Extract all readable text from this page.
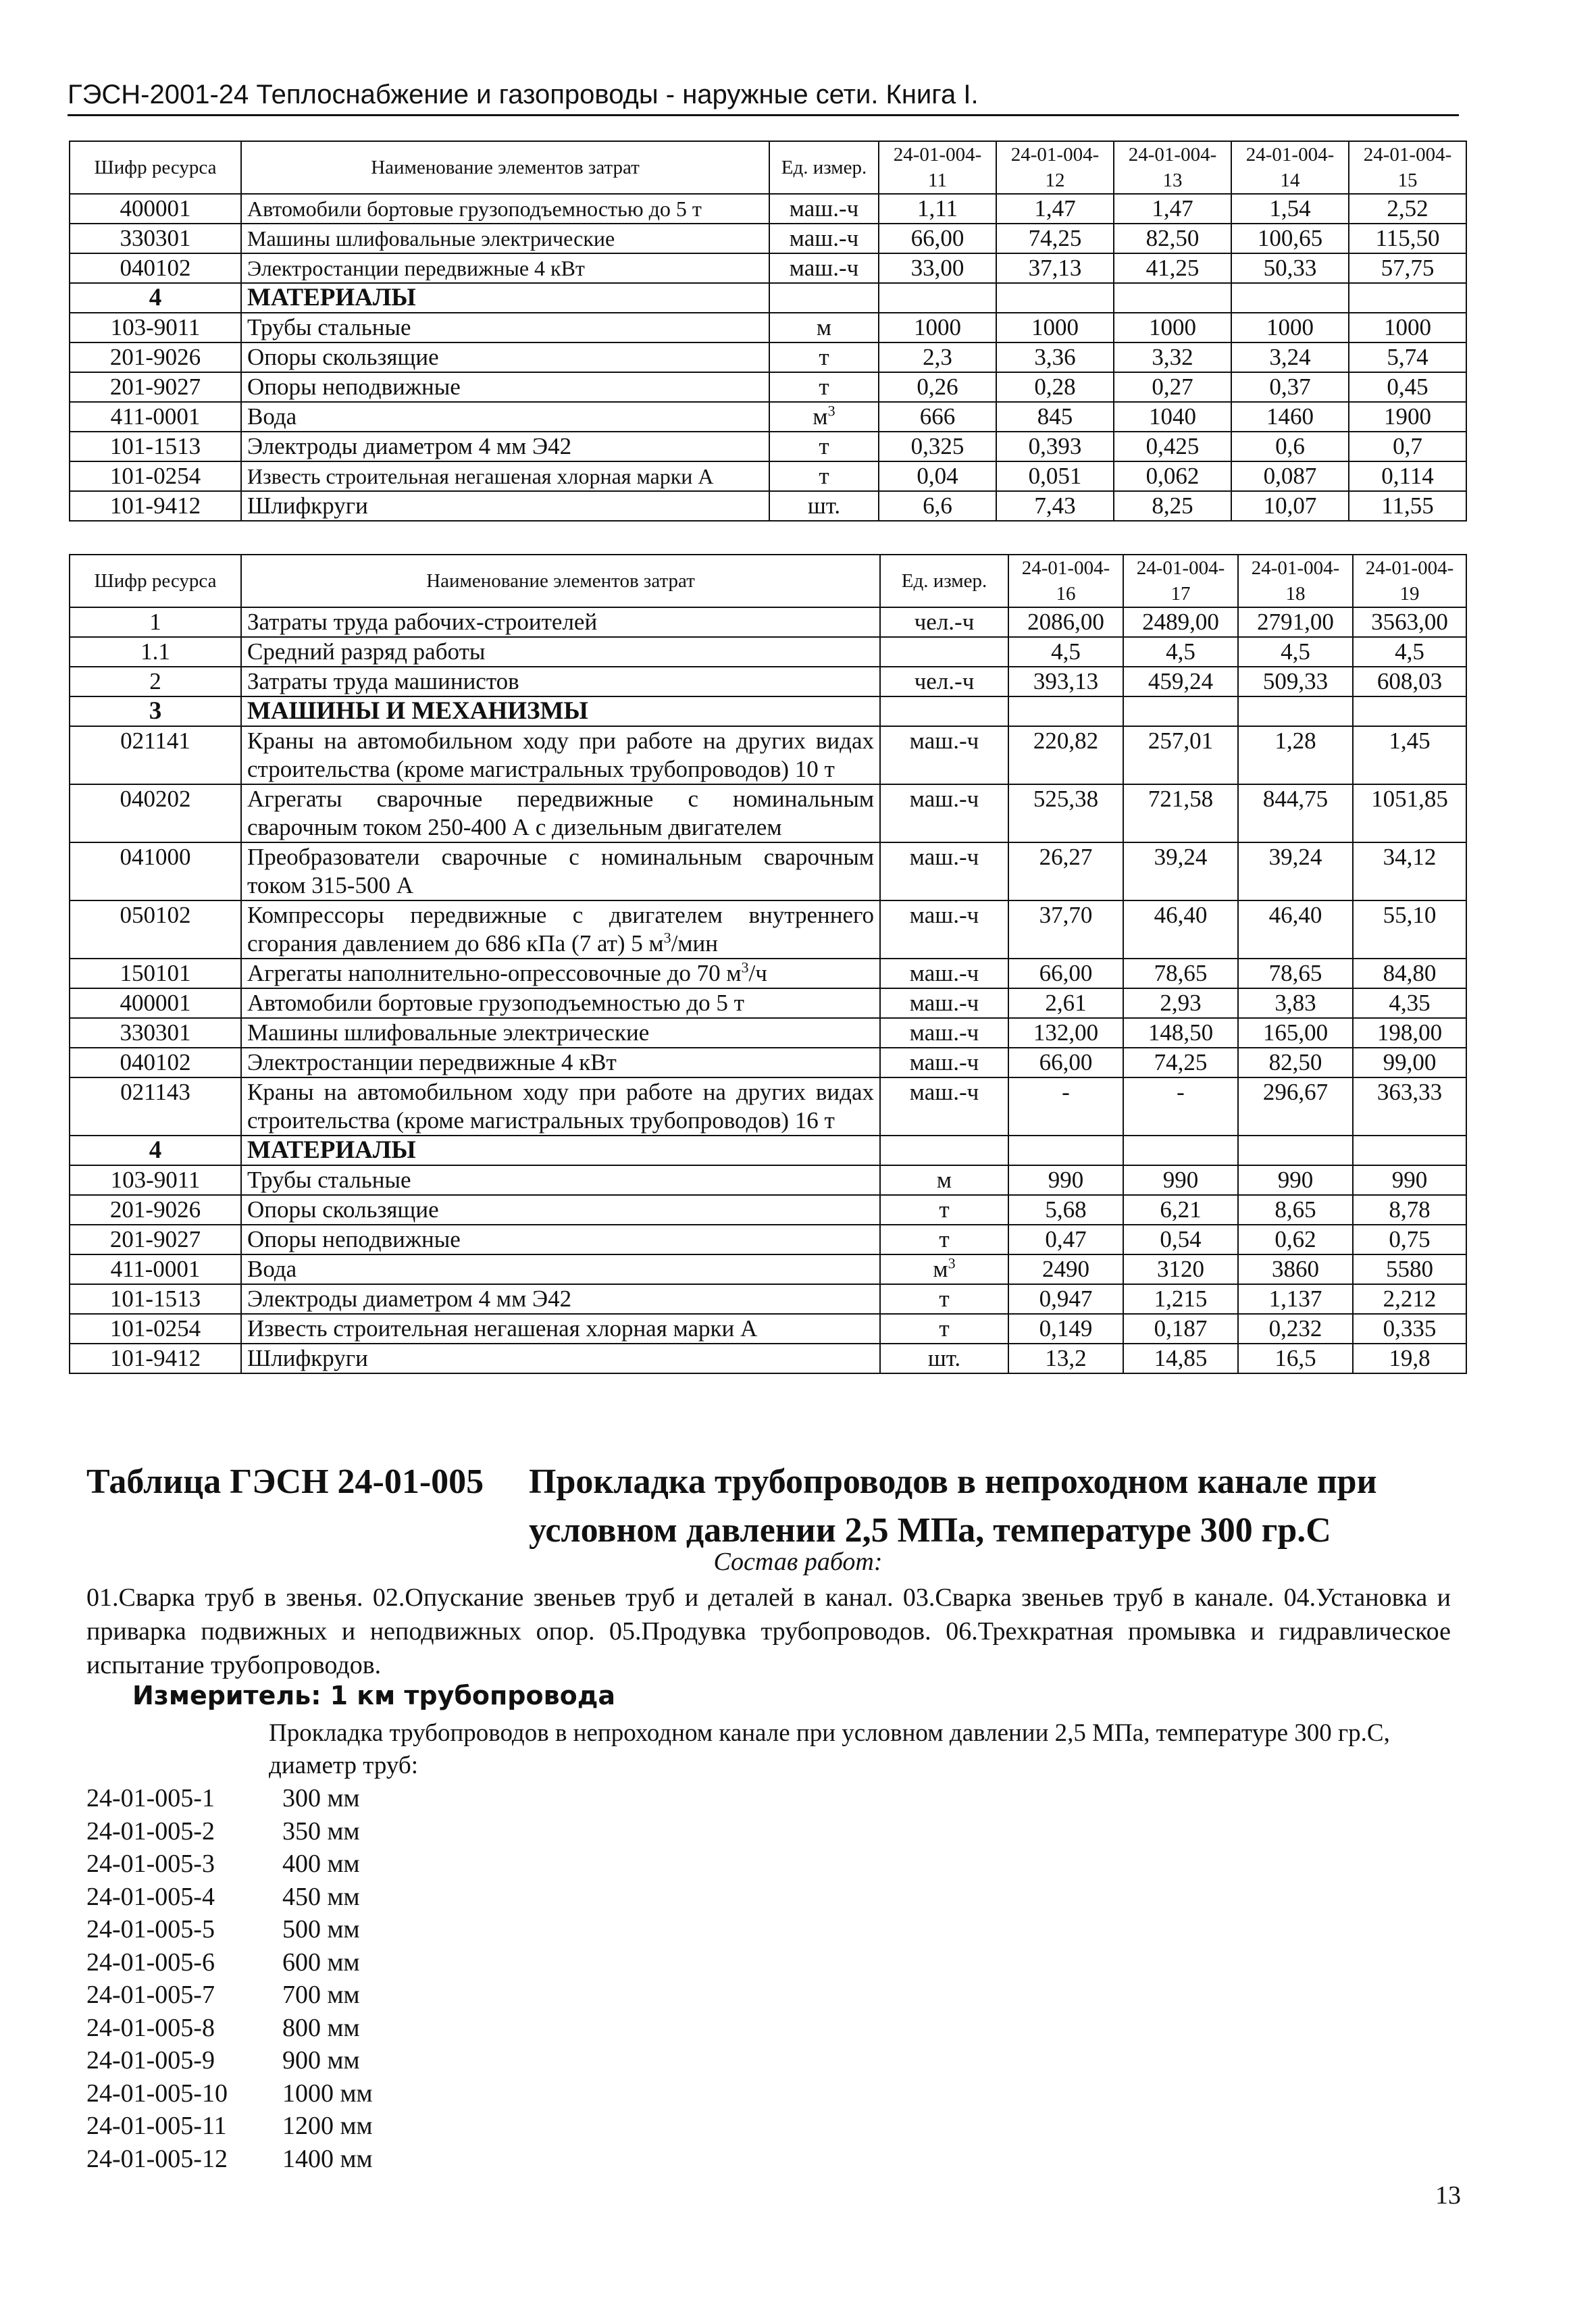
ГЭСН-2001-24 Теплоснабжение и газопроводы - наружные сети. Книга I.
Шифр ресурса	Наименование элементов затрат	Ед. измер.	24-01-004-11	24-01-004-12	24-01-004-13	24-01-004-14	24-01-004-15
400001	Автомобили бортовые грузоподъемностью до 5 т	маш.-ч	1,11	1,47	1,47	1,54	2,52
330301	Машины шлифовальные электрические	маш.-ч	66,00	74,25	82,50	100,65	115,50
040102	Электростанции передвижные 4 кВт	маш.-ч	33,00	37,13	41,25	50,33	57,75
4	МАТЕРИАЛЫ						
103-9011	Трубы стальные	м	1000	1000	1000	1000	1000
201-9026	Опоры скользящие	т	2,3	3,36	3,32	3,24	5,74
201-9027	Опоры неподвижные	т	0,26	0,28	0,27	0,37	0,45
411-0001	Вода	$м^3$	666	845	1040	1460	1900
101-1513	Электроды диаметром 4 мм Э42	т	0,325	0,393	0,425	0,6	0,7
101-0254	Известь строительная негашеная хлорная марки А	т	0,04	0,051	0,062	0,087	0,114
101-9412	Шлифкруги	шт.	6,6	7,43	8,25	10,07	11,55
Шифр ресурса	Наименование элементов затрат	Ед. измер.	24-01-004-16	24-01-004-17	24-01-004-18	24-01-004-19
1	Затраты труда рабочих-строителей	чел.-ч	2086,00	2489,00	2791,00	3563,00
1.1	Средний разряд работы		4,5	4,5	4,5	4,5
2	Затраты труда машинистов	чел.-ч	393,13	459,24	509,33	608,03
3	МАШИНЫ И МЕХАНИЗМЫ					
021141	Краны на автомобильном ходу при работе на других видах строительства (кроме магистральных трубопроводов) 10 т	маш.-ч	220,82	257,01	1,28	1,45
040202	Агрегаты сварочные передвижные с номинальным сварочным током 250-400 А с дизельным двигателем	маш.-ч	525,38	721,58	844,75	1051,85
041000	Преобразователи сварочные с номинальным сварочным током 315-500 А	маш.-ч	26,27	39,24	39,24	34,12
050102	Компрессоры передвижные с двигателем внутреннего сгорания давлением до 686 кПа (7 ат) 5 $м^3$/мин	маш.-ч	37,70	46,40	46,40	55,10
150101	Агрегаты наполнительно-опрессовочные до 70 $м^3/ч$	маш.-ч	66,00	78,65	78,65	84,80
400001	Автомобили бортовые грузоподъемностью до 5 т	маш.-ч	2,61	2,93	3,83	4,35
330301	Машины шлифовальные электрические	маш.-ч	132,00	148,50	165,00	198,00
040102	Электростанции передвижные 4 кВт	маш.-ч	66,00	74,25	82,50	99,00
021143	Краны на автомобильном ходу при работе на других видах строительства (кроме магистральных трубопроводов) 16 т	маш.-ч	-	-	296,67	363,33
4	МАТЕРИАЛЫ					
103-9011	Трубы стальные	м	990	990	990	990
201-9026	Опоры скользящие	т	5,68	6,21	8,65	8,78
201-9027	Опоры неподвижные	т	0,47	0,54	0,62	0,75
411-0001	Вода	$м^3$	2490	3120	3860	5580
101-1513	Электроды диаметром 4 мм Э42	т	0,947	1,215	1,137	2,212
101-0254	Известь строительная негашеная хлорная марки А	т	0,149	0,187	0,232	0,335
101-9412	Шлифкруги	шт.	13,2	14,85	16,5	19,8
Таблица ГЭСН 24-01-005 Прокладка трубопроводов в непроходном канале при условном давлении 2,5 МПа, температуре 300 гр.С
Состав работ:
01.Сварка труб в звенья. 02.Опускание звеньев труб и деталей в канал. 03.Сварка звеньев труб в канале. 04.Установка и приварка подвижных и неподвижных опор. 05.Продувка трубопроводов. 06.Трехкратная промывка и гидравлическое испытание трубопроводов.
Измеритель: 1 км трубопровода
Прокладка трубопроводов в непроходном канале при условном давлении 2,5 МПа, температуре 300 гр.С, диаметр труб:
24-01-005-1	300 мм
24-01-005-2	350 мм
24-01-005-3	400 мм
24-01-005-4	450 мм
24-01-005-5	500 мм
24-01-005-6	600 мм
24-01-005-7	700 мм
24-01-005-8	800 мм
24-01-005-9	900 мм
24-01-005-10	1000 мм
24-01-005-11	1200 мм
24-01-005-12	1400 мм
13
